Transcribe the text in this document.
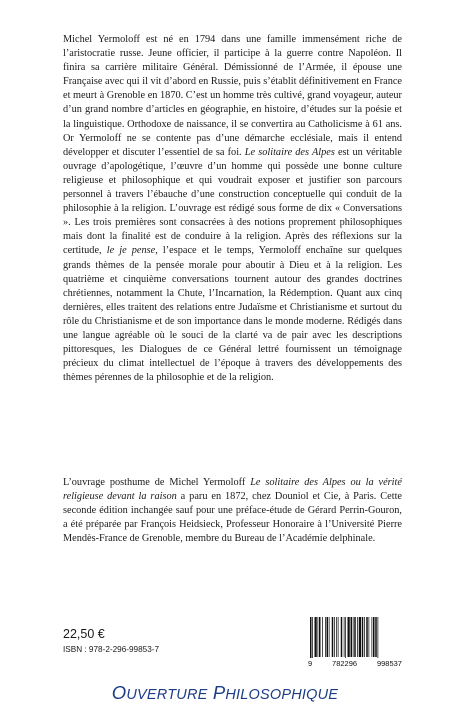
Michel Yermoloff est né en 1794 dans une famille immensément riche de l’aristocratie russe. Jeune officier, il participe à la guerre contre Napoléon. Il finira sa carrière militaire Général. Démissionné de l’Armée, il épouse une Française avec qui il vit d’abord en Russie, puis s’établit définitivement en France et meurt à Grenoble en 1870. C’est un homme très cultivé, grand voyageur, auteur d’un grand nombre d’articles en géographie, en histoire, d’études sur la poésie et la linguistique. Orthodoxe de naissance, il se convertira au Catholicisme à 61 ans. Or Yermoloff ne se contente pas d’une démarche ecclésiale, mais il entend développer et discuter l’essentiel de sa foi. Le solitaire des Alpes est un véritable ouvrage d’apologétique, l’œuvre d’un homme qui possède une bonne culture religieuse et philosophique et qui voudrait exposer et justifier son parcours personnel à travers l’ébauche d’une construction conceptuelle qui conduit de la philosophie à la religion. L’ouvrage est rédigé sous forme de dix « Conversations ». Les trois premières sont consacrées à des notions proprement philosophiques mais dont la finalité est de conduire à la religion. Après des réflexions sur la certitude, le je pense, l’espace et le temps, Yermoloff enchaîne sur quelques grands thèmes de la pensée morale pour aboutir à Dieu et à la religion. Les quatrième et cinquième conversations tournent autour des grandes doctrines chrétiennes, notamment la Chute, l’Incarnation, la Rédemption. Quant aux cinq dernières, elles traitent des relations entre Judaïsme et Christianisme et surtout du rôle du Christianisme et de son importance dans le monde moderne. Rédigés dans une langue agréable où le souci de la clarté va de pair avec les descriptions pittoresques, les Dialogues de ce Général lettré fournissent un témoignage précieux du climat intellectuel de l’époque à travers des développements des thèmes pérennes de la philosophie et de la religion.

L’ouvrage posthume de Michel Yermoloff Le solitaire des Alpes ou la vérité religieuse devant la raison a paru en 1872, chez Douniol et Cie, à Paris. Cette seconde édition inchangée sauf pour une préface-étude de Gérard Perrin-Gouron, a été préparée par François Heidsieck, Professeur Honoraire à l’Université Pierre Mendès-France de Grenoble, membre du Bureau de l’Académie delphinale.

22,50 €
ISBN : 978-2-296-99853-7
9	782296	998537
OUVERTURE PHILOSOPHIQUE
